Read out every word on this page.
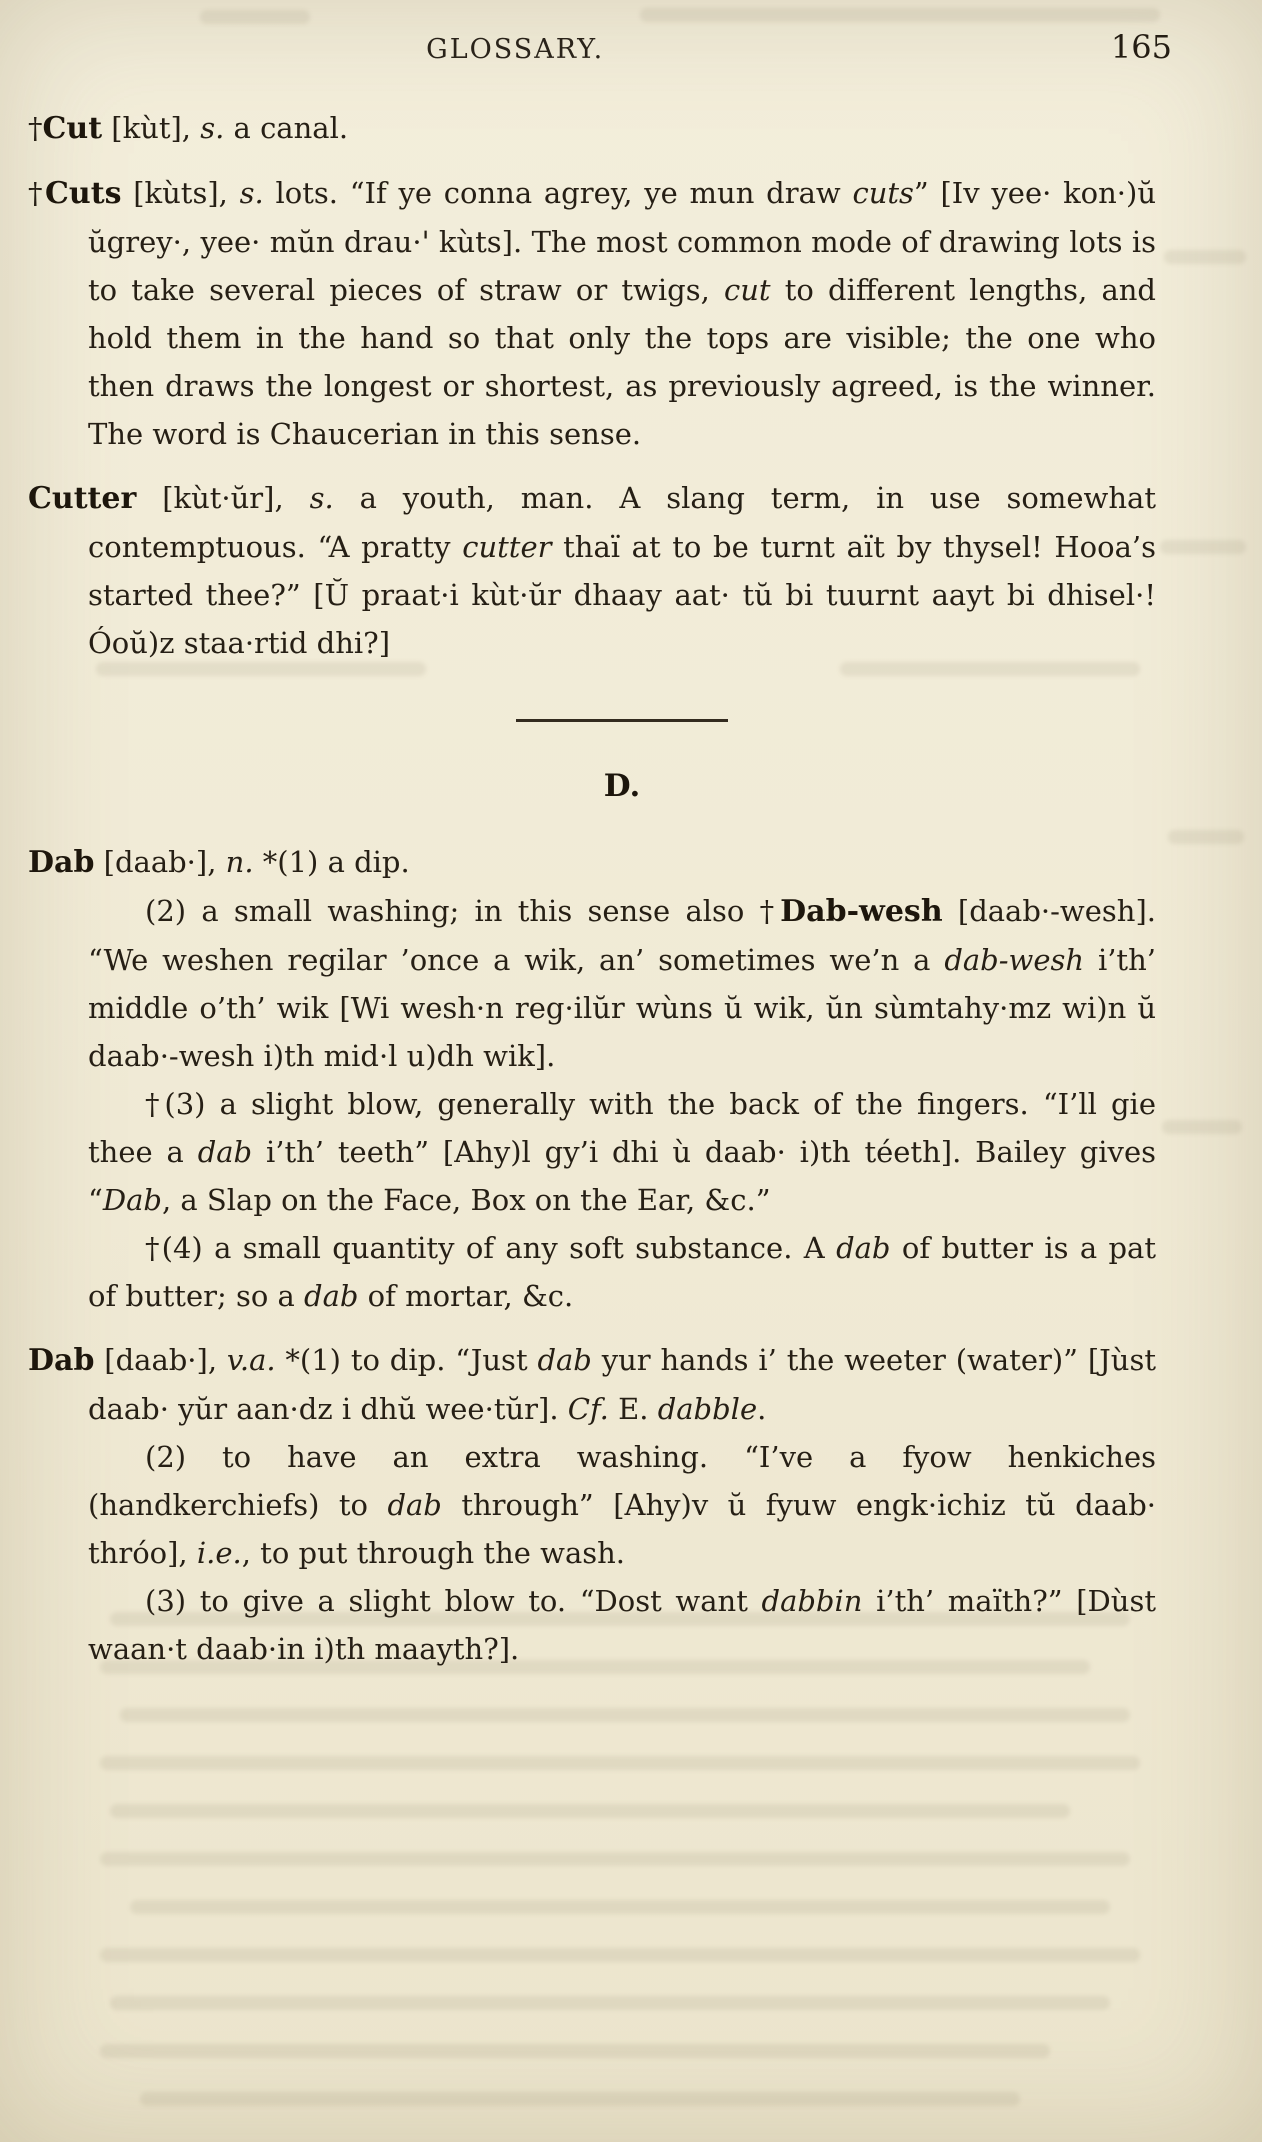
GLOSSARY.	165

†Cut [kùt], s. a canal.

†Cuts [kùts], s. lots. “If ye conna agrey, ye mun draw cuts” [Iv yee· kon·)ŭ ŭgrey·, yee· mŭn drau·' kùts]. The most common mode of drawing lots is to take several pieces of straw or twigs, cut to different lengths, and hold them in the hand so that only the tops are visible; the one who then draws the longest or shortest, as previously agreed, is the winner. The word is Chaucerian in this sense.

Cutter [kùt·ŭr], s. a youth, man. A slang term, in use somewhat contemptuous. “A pratty cutter thaï at to be turnt aït by thysel! Hooa’s started thee?” [Ŭ praat·i kùt·ŭr dhaay aat· tŭ bi tuurnt aayt bi dhisel·! Óoŭ)z staa·rtid dhi?]

D.

Dab [daab·], n. *(1) a dip.

(2) a small washing; in this sense also †Dab-wesh [daab·-wesh]. “We weshen regilar ’once a wik, an’ sometimes we’n a dab-wesh i’th’ middle o’th’ wik [Wi wesh·n reg·ilŭr wùns ŭ wik, ŭn sùmtahy·mz wi)n ŭ daab·-wesh i)th mid·l u)dh wik].

†(3) a slight blow, generally with the back of the fingers. “I’ll gie thee a dab i’th’ teeth” [Ahy)l gy’i dhi ù daab· i)th téeth]. Bailey gives “Dab, a Slap on the Face, Box on the Ear, &c.”

†(4) a small quantity of any soft substance. A dab of butter is a pat of butter; so a dab of mortar, &c.

Dab [daab·], v.a. *(1) to dip. “Just dab yur hands i’ the weeter (water)” [Jùst daab· yŭr aan·dz i dhŭ wee·tŭr]. Cf. E. dabble.

(2) to have an extra washing. “I’ve a fyow henkiches (handkerchiefs) to dab through” [Ahy)v ŭ fyuw engk·ichiz tŭ daab· thróo], i.e., to put through the wash.

(3) to give a slight blow to. “Dost want dabbin i’th’ maïth?” [Dùst waan·t daab·in i)th maayth?].
